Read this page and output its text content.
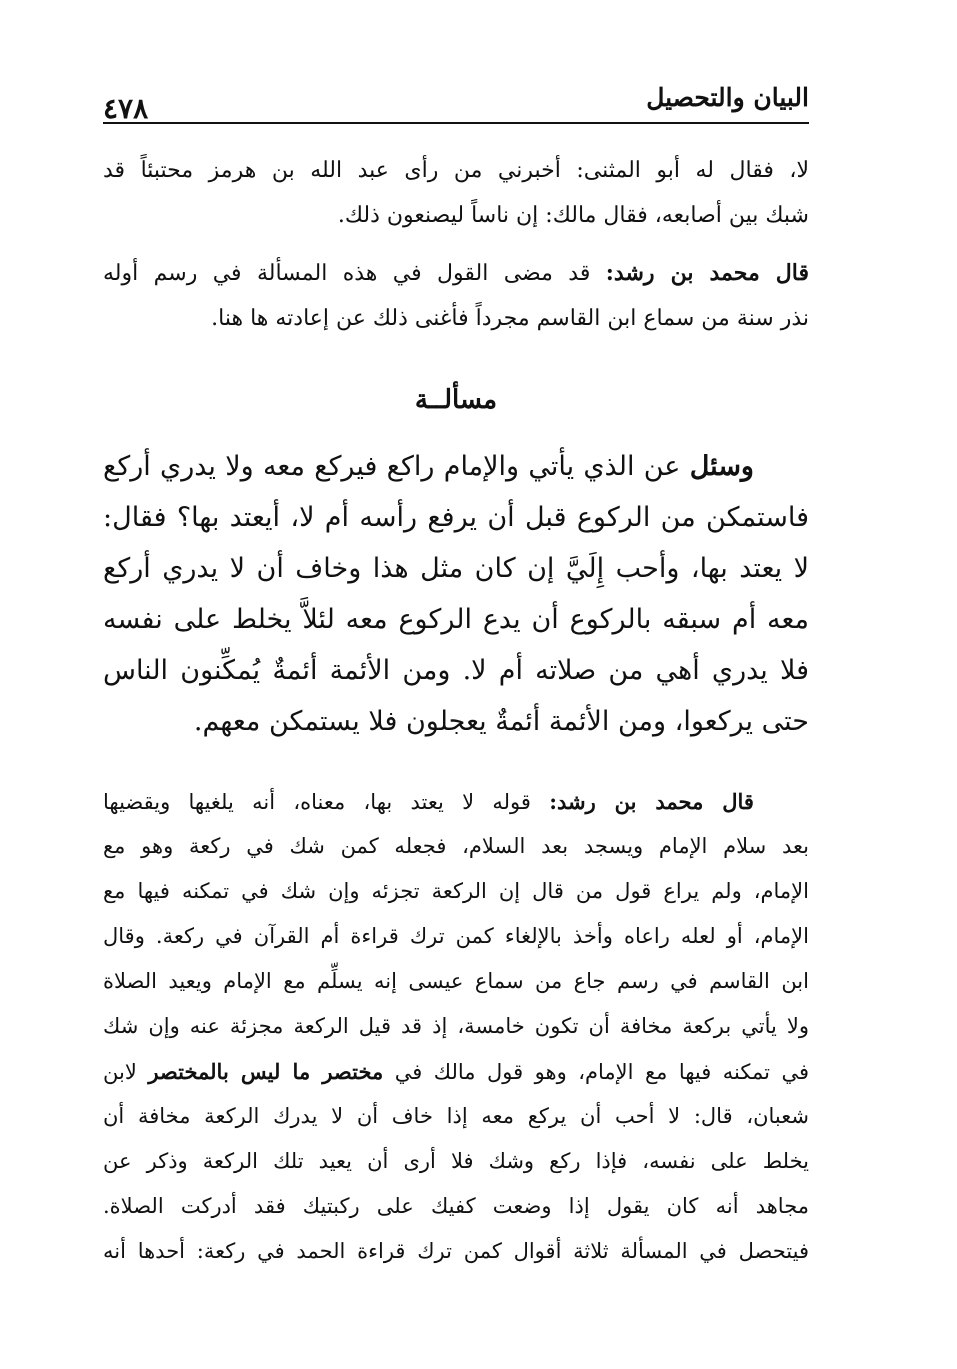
البيان والتحصيل
٤٧٨
لا، فقال له أبو المثنى: أخبرني من رأى عبد الله بن هرمز محتبئاً قد
شبك بين أصابعه، فقال مالك: إن ناساً ليصنعون ذلك.
قال محمد بن رشد: قد مضى القول في هذه المسألة في رسم أوله
نذر سنة من سماع ابن القاسم مجرداً فأغنى ذلك عن إعادته ها هنا.
مسألــة
وسئل عن الذي يأتي والإمام راكع فيركع معه ولا يدري أركع
فاستمكن من الركوع قبل أن يرفع رأسه أم لا، أيعتد بها؟ فقال:
لا يعتد بها، وأحب إِلَيَّ إن كان مثل هذا وخاف أن لا يدري أركع
معه أم سبقه بالركوع أن يدع الركوع معه لئلاَّ يخلط على نفسه
فلا يدري أهي من صلاته أم لا. ومن الأئمة أئمةٌ يُمكِّنون الناس
حتى يركعوا، ومن الأئمة أئمةٌ يعجلون فلا يستمكن معهم.
قال محمد بن رشد: قوله لا يعتد بها، معناه، أنه يلغيها ويقضيها
بعد سلام الإمام ويسجد بعد السلام، فجعله كمن شك في ركعة وهو مع
الإمام، ولم يراع قول من قال إن الركعة تجزئه وإن شك في تمكنه فيها مع
الإمام، أو لعله راعاه وأخذ بالإلغاء كمن ترك قراءة أم القرآن في ركعة. وقال
ابن القاسم في رسم جاع من سماع عيسى إنه يسلِّم مع الإمام ويعيد الصلاة
ولا يأتي بركعة مخافة أن تكون خامسة، إذ قد قيل الركعة مجزئة عنه وإن شك
في تمكنه فيها مع الإمام، وهو قول مالك في مختصر ما ليس بالمختصر لابن
شعبان، قال: لا أحب أن يركع معه إذا خاف أن لا يدرك الركعة مخافة أن
يخلط على نفسه، فإذا ركع وشك فلا أرى أن يعيد تلك الركعة وذكر عن
مجاهد أنه كان يقول إذا وضعت كفيك على ركبتيك فقد أدركت الصلاة.
فيتحصل في المسألة ثلاثة أقوال كمن ترك قراءة الحمد في ركعة: أحدها أنه
